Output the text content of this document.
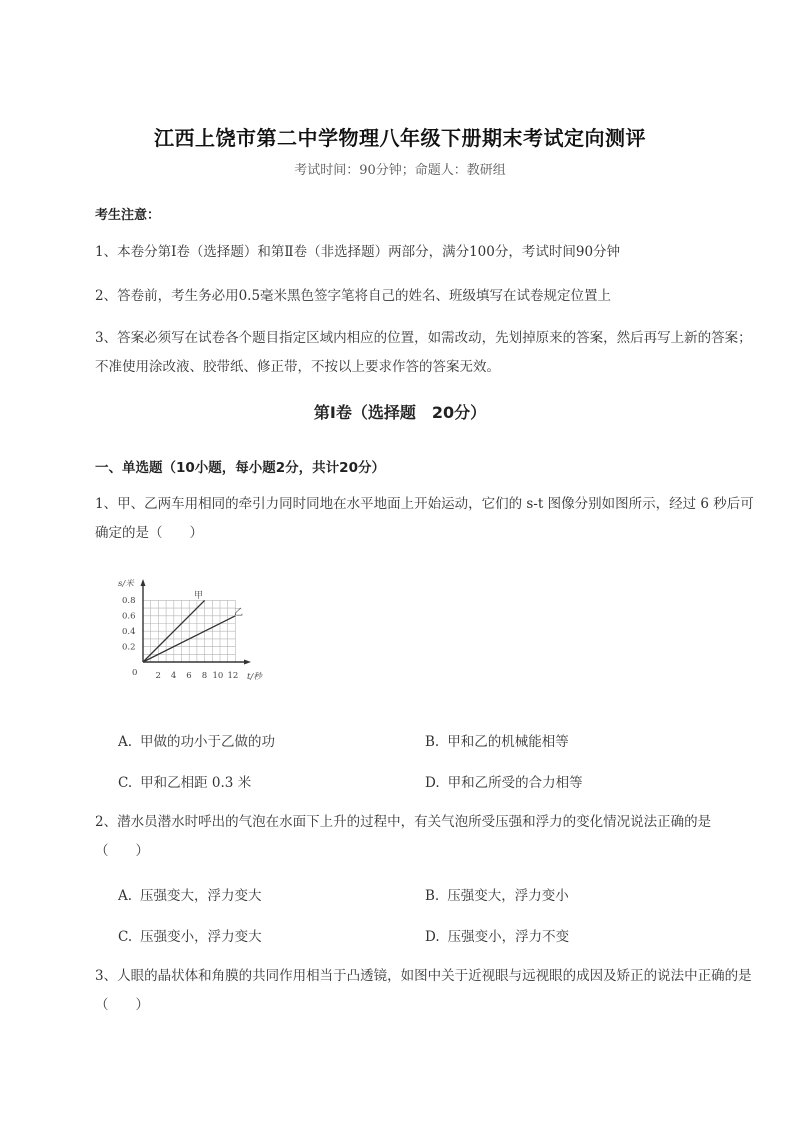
江西上饶市第二中学物理八年级下册期末考试定向测评
考试时间：90分钟；命题人：教研组
考生注意：
1、本卷分第I卷（选择题）和第Ⅱ卷（非选择题）两部分，满分100分，考试时间90分钟
2、答卷前，考生务必用0.5毫米黑色签字笔将自己的姓名、班级填写在试卷规定位置上
3、答案必须写在试卷各个题目指定区域内相应的位置，如需改动，先划掉原来的答案，然后再写上新的答案；不准使用涂改液、胶带纸、修正带，不按以上要求作答的答案无效。
第I卷（选择题　20分）
一、单选题（10小题，每小题2分，共计20分）
1、甲、乙两车用相同的牵引力同时同地在水平地面上开始运动，它们的 s-t 图像分别如图所示，经过 6 秒后可确定的是（　　）
s/米
0.8
0.6
0.4
0.2
0 2 4 6 8 10 12 t/秒
甲
乙
A. 甲做的功小于乙做的功	B. 甲和乙的机械能相等
C. 甲和乙相距 0.3 米	D. 甲和乙所受的合力相等
2、潜水员潜水时呼出的气泡在水面下上升的过程中，有关气泡所受压强和浮力的变化情况说法正确的是（　　）
A. 压强变大，浮力变大	B. 压强变大，浮力变小
C. 压强变小，浮力变大	D. 压强变小，浮力不变
3、人眼的晶状体和角膜的共同作用相当于凸透镜，如图中关于近视眼与远视眼的成因及矫正的说法中正确的是（　　）
